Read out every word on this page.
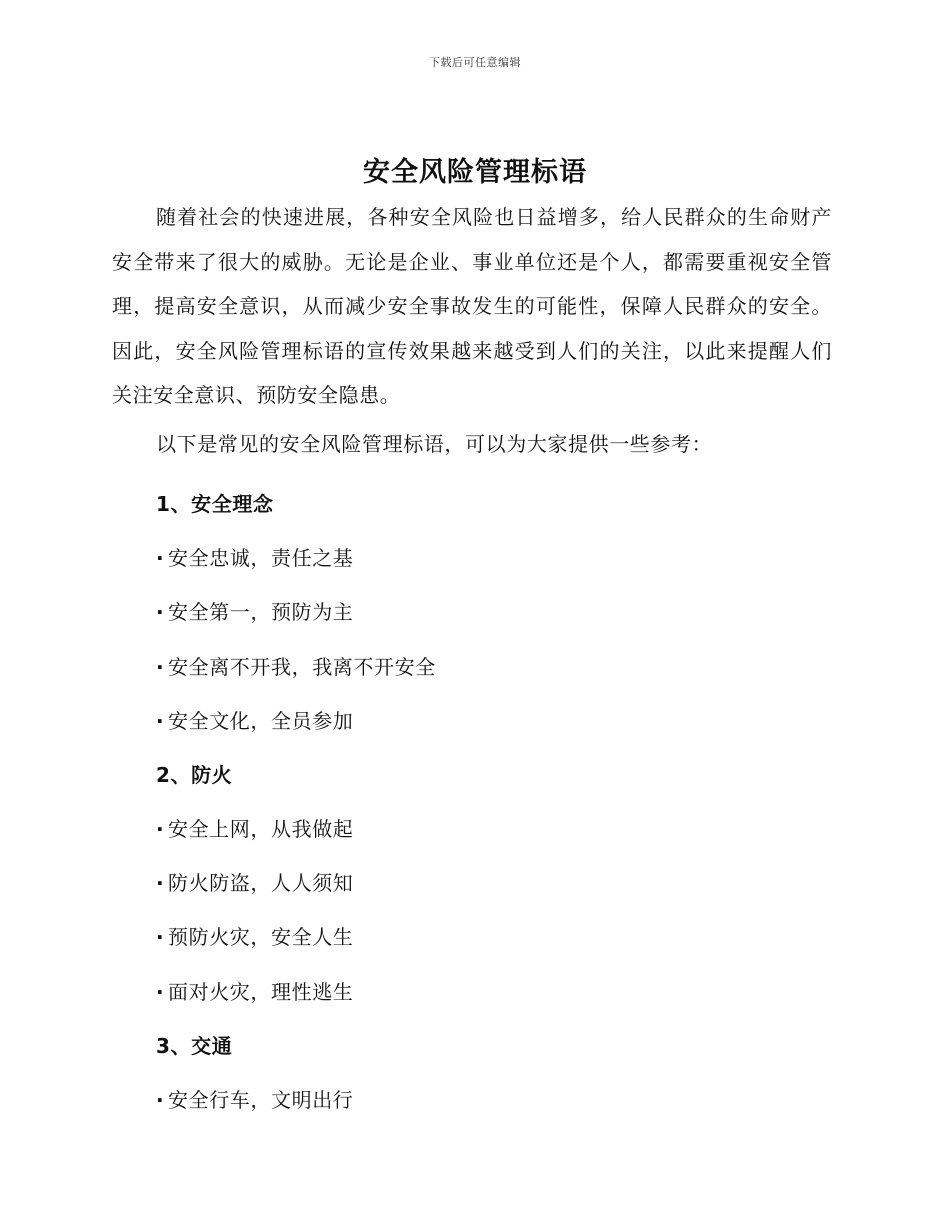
下载后可任意编辑
安全风险管理标语

随着社会的快速进展，各种安全风险也日益增多，给人民群众的生命财产安全带来了很大的威胁。无论是企业、事业单位还是个人，都需要重视安全管理，提高安全意识，从而减少安全事故发生的可能性，保障人民群众的安全。因此，安全风险管理标语的宣传效果越来越受到人们的关注，以此来提醒人们关注安全意识、预防安全隐患。

以下是常见的安全风险管理标语，可以为大家提供一些参考：

1、安全理念

· 安全忠诚，责任之基

· 安全第一，预防为主

· 安全离不开我，我离不开安全

· 安全文化，全员参加

2、防火

· 安全上网，从我做起

· 防火防盗，人人须知

· 预防火灾，安全人生

· 面对火灾，理性逃生

3、交通

· 安全行车，文明出行
